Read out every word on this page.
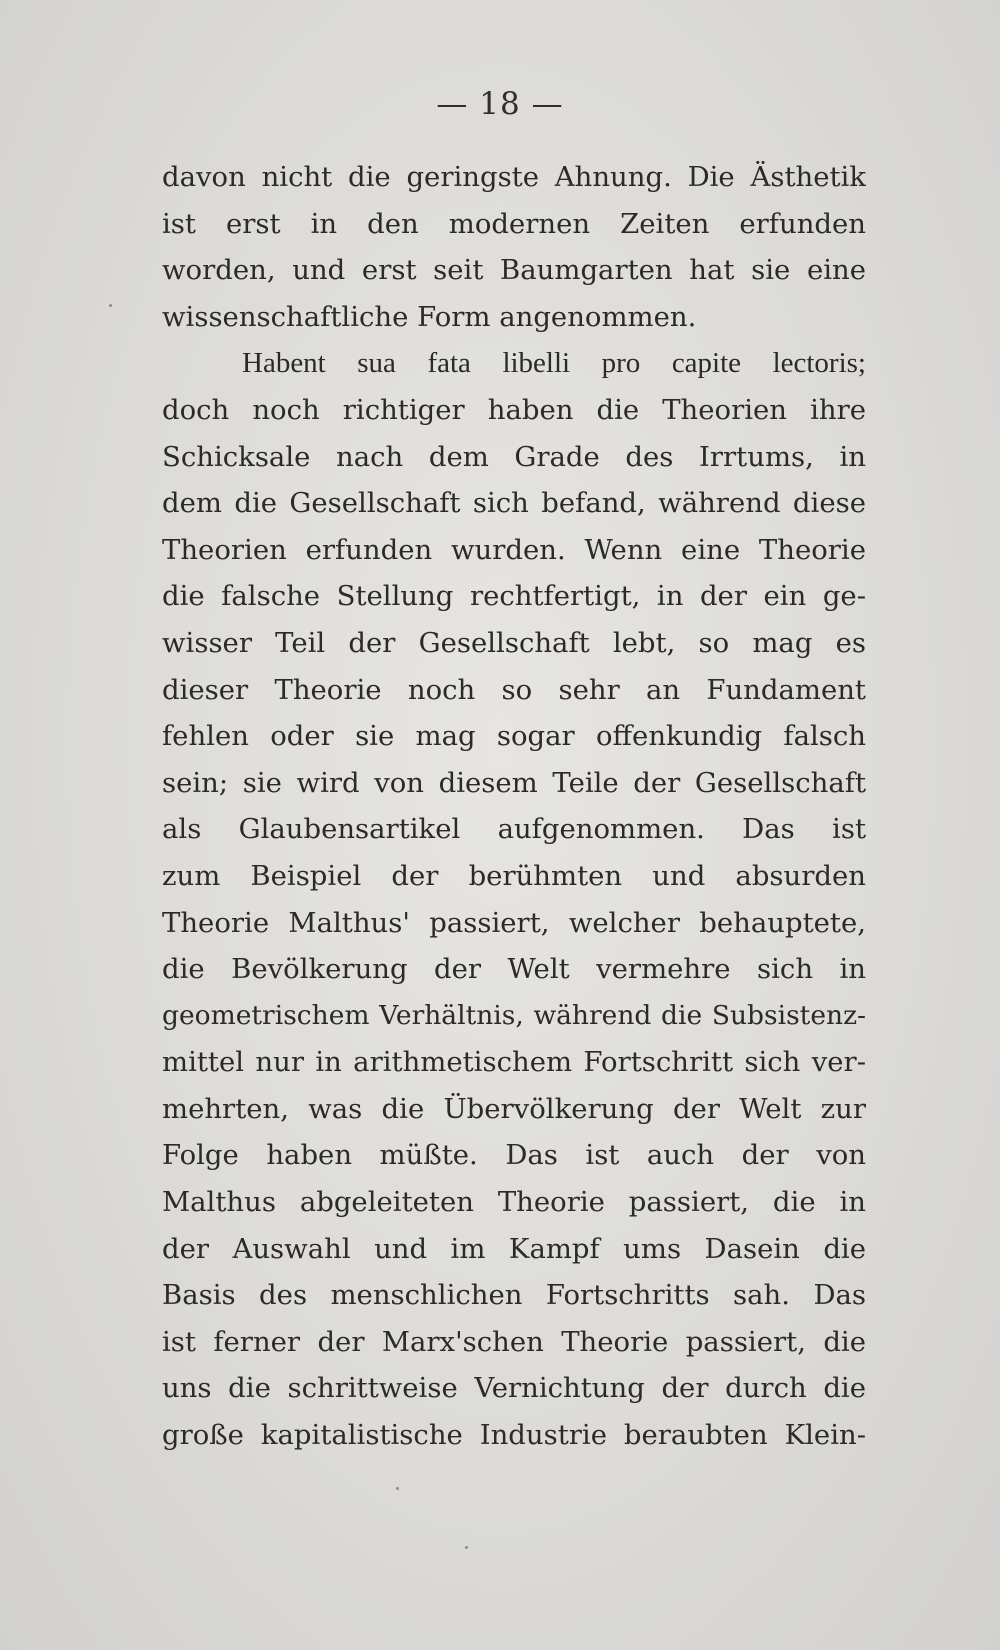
— 18 —
davon nicht die geringste Ahnung. Die Ästhetik
ist erst in den modernen Zeiten erfunden
worden, und erst seit Baumgarten hat sie eine
wissenschaftliche Form angenommen.
Habent sua fata libelli pro capite lectoris;
doch noch richtiger haben die Theorien ihre
Schicksale nach dem Grade des Irrtums, in
dem die Gesellschaft sich befand, während diese
Theorien erfunden wurden. Wenn eine Theorie
die falsche Stellung rechtfertigt, in der ein ge-
wisser Teil der Gesellschaft lebt, so mag es
dieser Theorie noch so sehr an Fundament
fehlen oder sie mag sogar offenkundig falsch
sein; sie wird von diesem Teile der Gesellschaft
als Glaubensartikel aufgenommen. Das ist
zum Beispiel der berühmten und absurden
Theorie Malthus' passiert, welcher behauptete,
die Bevölkerung der Welt vermehre sich in
geometrischem Verhältnis, während die Subsistenz-
mittel nur in arithmetischem Fortschritt sich ver-
mehrten, was die Übervölkerung der Welt zur
Folge haben müßte. Das ist auch der von
Malthus abgeleiteten Theorie passiert, die in
der Auswahl und im Kampf ums Dasein die
Basis des menschlichen Fortschritts sah. Das
ist ferner der Marx'schen Theorie passiert, die
uns die schrittweise Vernichtung der durch die
große kapitalistische Industrie beraubten Klein-
